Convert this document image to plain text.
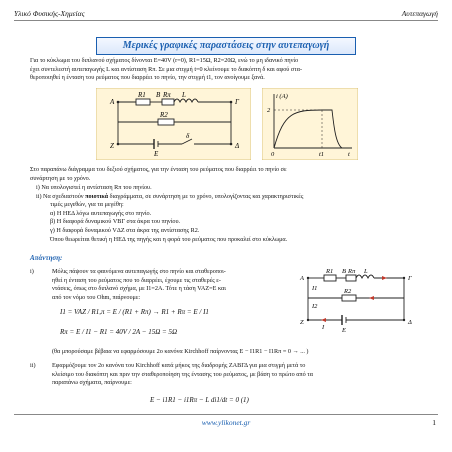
Υλικό Φυσικής-Χημείας	Αυτεπαγωγή
Μερικές γραφικές παραστάσεις στην αυτεπαγωγή
Για το κύκλωμα του διπλανού σχήματος δίνονται E=40V (r=0), R1=15Ω, R2=20Ω, ενώ το μη ιδανικό πηνίο
έχει συντελεστή αυτεπαγωγής L και αντίσταση Rπ. Σε μια στιγμή t=0 κλείνουμε το διακόπτη δ και αφού στα-
θεροποιηθεί η ένταση του ρεύματος που διαρρέει το πηνίο, την στιγμή t1, τον ανοίγουμε ξανά.
A
B
Γ
Z
E
Δ
R1 Rπ L
R2
δ
i (A)
2
0	t1	t
Στο παραπάνω διάγραμμα του δεξιού σχήματος, για την ένταση του ρεύματος που διαρρέει το πηνίο σε
συνάρτηση με το χρόνο.
i) Να υπολογιστεί η αντίσταση Rπ του πηνίου.
ii) Να σχεδιαστούν ποιοτικά διαγράμματα, σε συνάρτηση με το χρόνο, υπολογίζοντας και χαρακτηριστικές
τιμές μεγεθών, για τα μεγέθη:
α) Η ΗΕΔ λόγω αυτεπαγωγής στο πηνίο.
β) Η διαφορά δυναμικού VBΓ στα άκρα του πηνίου.
γ) Η διαφορά δυναμικού VΔΖ στα άκρα της αντίστασης R2.
Όπου θεωρείται θετική η ΗΕΔ της πηγής και η φορά του ρεύματος που προκαλεί στο κύκλωμα.
Απάντηση:
i)	Μόλις πάψουν τα φαινόμενα αυτεπαγωγής στο πηνίο και σταθεροποι-
ηθεί η ένταση του ρεύματος που το διαρρέει, έχουμε τις σταθερές ε-
ντάσεις, όπως στο διπλανό σχήμα, με I1=2A. Τότε η τάση VAZ=E και
από τον νόμο του Ohm, παίρνουμε:
I1 = VAZ / R1,π = E / (R1 + Rπ) → R1 + Rπ = E / I1
Rπ = E / I1 − R1 = 40V / 2A − 15Ω = 5Ω
A
B
Γ
Z
E
Δ
R1 Rπ L
R2
I1
I2
I
(θα μπορούσαμε βέβαια να εφαρμόσουμε 2ο κανόνα Kirchhoff παίρνοντας E − I1R1 − I1Rπ = 0 → ... )
ii)	Εφαρμόζουμε τον 2ο κανόνα του Kirchhoff κατά μήκος της διαδρομής ΖΑΒΓΔ για μια στιγμή μετά το
κλείσιμο του διακόπτη και πριν την σταθεροποίηση της έντασης του ρεύματος, με βάση το πρώτο από τα
παραπάνω σχήματα, παίρνουμε:
E − i1R1 − i1Rπ − L di1/dt = 0 (1)
www.ylikonet.gr	1
